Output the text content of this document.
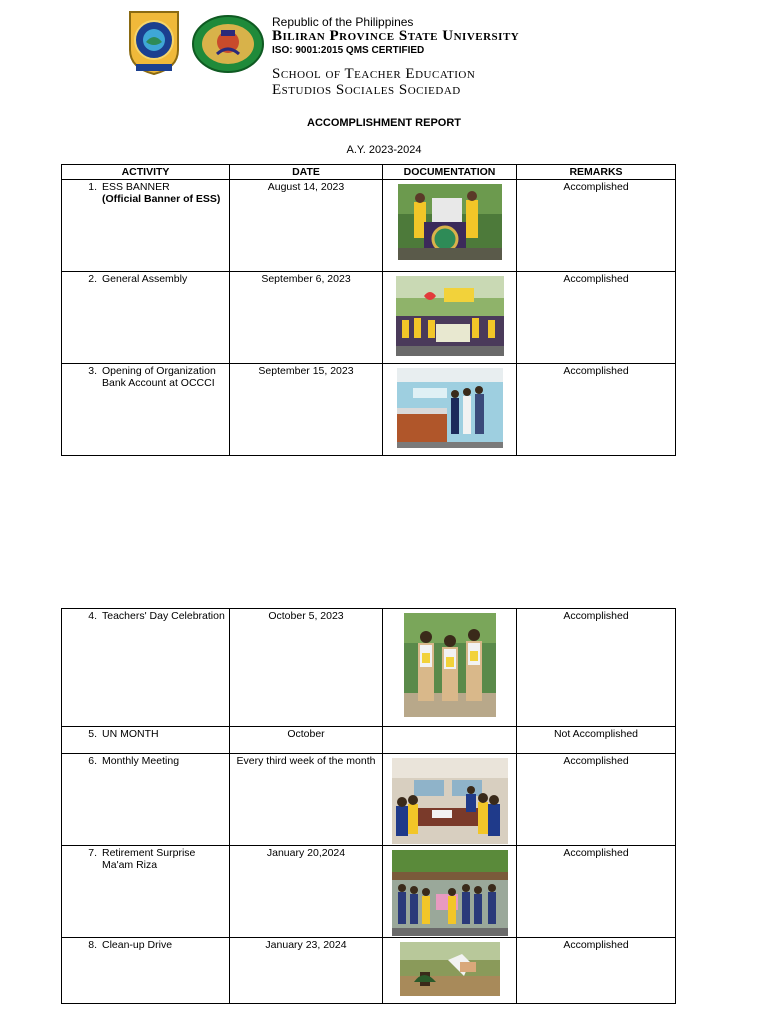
Republic of the Philippines
Biliran Province State University
ISO: 9001:2015 QMS CERTIFIED
School of Teacher Education
Estudios Sociales Sociedad
ACCOMPLISHMENT REPORT
A.Y. 2023-2024
ACTIVITY	DATE	DOCUMENTATION	REMARKS

1. ESS BANNER
(Official Banner of ESS)	August 14, 2023		Accomplished

2. General Assembly	September 6, 2023		Accomplished

3. Opening of Organization Bank Account at OCCCI	September 15, 2023		Accomplished
4. Teachers' Day Celebration	October 5, 2023		Accomplished

5. UN MONTH	October		Not Accomplished

6. Monthly Meeting	Every third week of the month		Accomplished

7. Retirement Surprise Ma'am Riza	January 20,2024		Accomplished

8. Clean-up Drive	January 23, 2024		Accomplished
